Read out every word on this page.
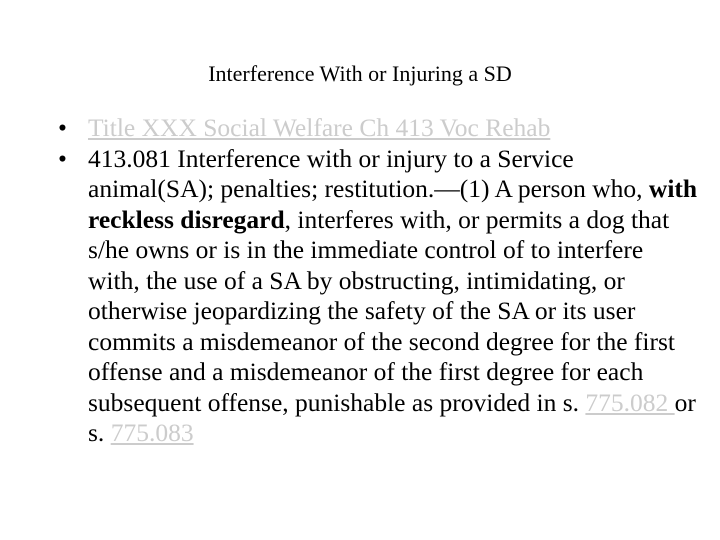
Interference With or Injuring a SD
• Title XXX Social Welfare Ch 413 Voc Rehab
• 413.081 Interference with or injury to a Service animal(SA); penalties; restitution.—(1) A person who, with reckless disregard, interferes with, or permits a dog that s/he owns or is in the immediate control of to interfere with, the use of a SA by obstructing, intimidating, or otherwise jeopardizing the safety of the SA or its user commits a misdemeanor of the second degree for the first offense and a misdemeanor of the first degree for each subsequent offense, punishable as provided in s. 775.082 or s. 775.083
